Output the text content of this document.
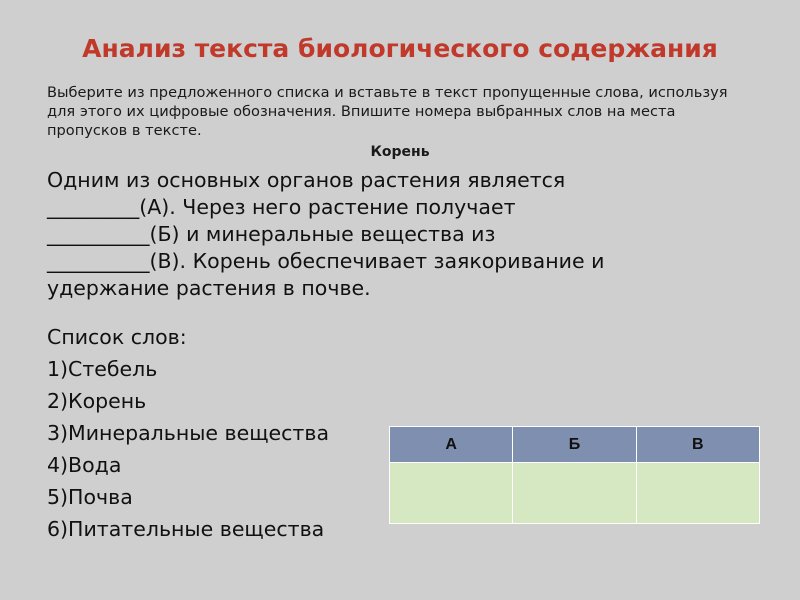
Анализ текста биологического содержания
Выберите из предложенного списка и вставьте в текст пропущенные слова, используя для этого их цифровые обозначения. Впишите номера выбранных слов на места пропусков в тексте.
Корень
Одним из основных органов растения является
_________(А). Через него растение получает
__________(Б) и минеральные вещества из
__________(В). Корень обеспечивает заякоривание и
удержание растения в почве.
Список слов:
1)Стебель
2)Корень
3)Минеральные вещества
4)Вода
5)Почва
6)Питательные вещества
А	Б	В
